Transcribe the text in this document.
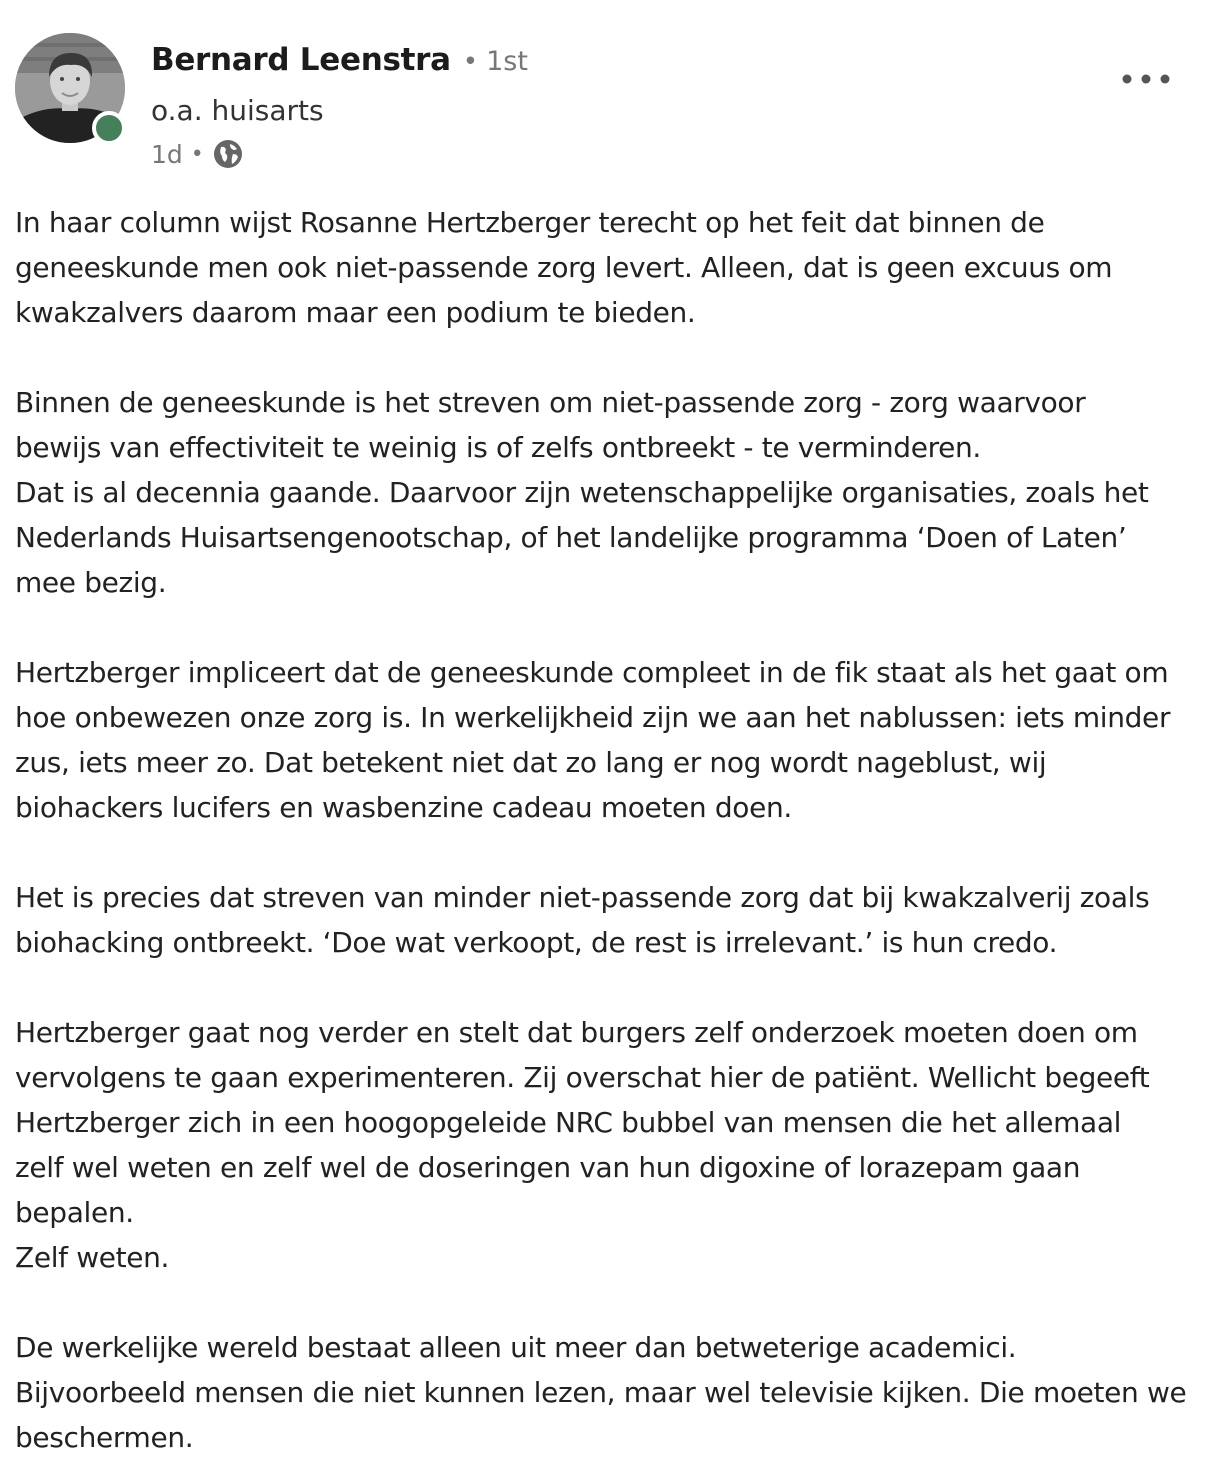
Bernard Leenstra • 1st
o.a. huisarts
1d •
In haar column wijst Rosanne Hertzberger terecht op het feit dat binnen de
geneeskunde men ook niet-passende zorg levert. Alleen, dat is geen excuus om
kwakzalvers daarom maar een podium te bieden.
Binnen de geneeskunde is het streven om niet-passende zorg - zorg waarvoor
bewijs van effectiviteit te weinig is of zelfs ontbreekt - te verminderen.
Dat is al decennia gaande. Daarvoor zijn wetenschappelijke organisaties, zoals het
Nederlands Huisartsengenootschap, of het landelijke programma ‘Doen of Laten’
mee bezig.
Hertzberger impliceert dat de geneeskunde compleet in de fik staat als het gaat om
hoe onbewezen onze zorg is. In werkelijkheid zijn we aan het nablussen: iets minder
zus, iets meer zo. Dat betekent niet dat zo lang er nog wordt nageblust, wij
biohackers lucifers en wasbenzine cadeau moeten doen.
Het is precies dat streven van minder niet-passende zorg dat bij kwakzalverij zoals
biohacking ontbreekt. ‘Doe wat verkoopt, de rest is irrelevant.’ is hun credo.
Hertzberger gaat nog verder en stelt dat burgers zelf onderzoek moeten doen om
vervolgens te gaan experimenteren. Zij overschat hier de patiënt. Wellicht begeeft
Hertzberger zich in een hoogopgeleide NRC bubbel van mensen die het allemaal
zelf wel weten en zelf wel de doseringen van hun digoxine of lorazepam gaan
bepalen.
Zelf weten.
De werkelijke wereld bestaat alleen uit meer dan betweterige academici.
Bijvoorbeeld mensen die niet kunnen lezen, maar wel televisie kijken. Die moeten we
beschermen.
